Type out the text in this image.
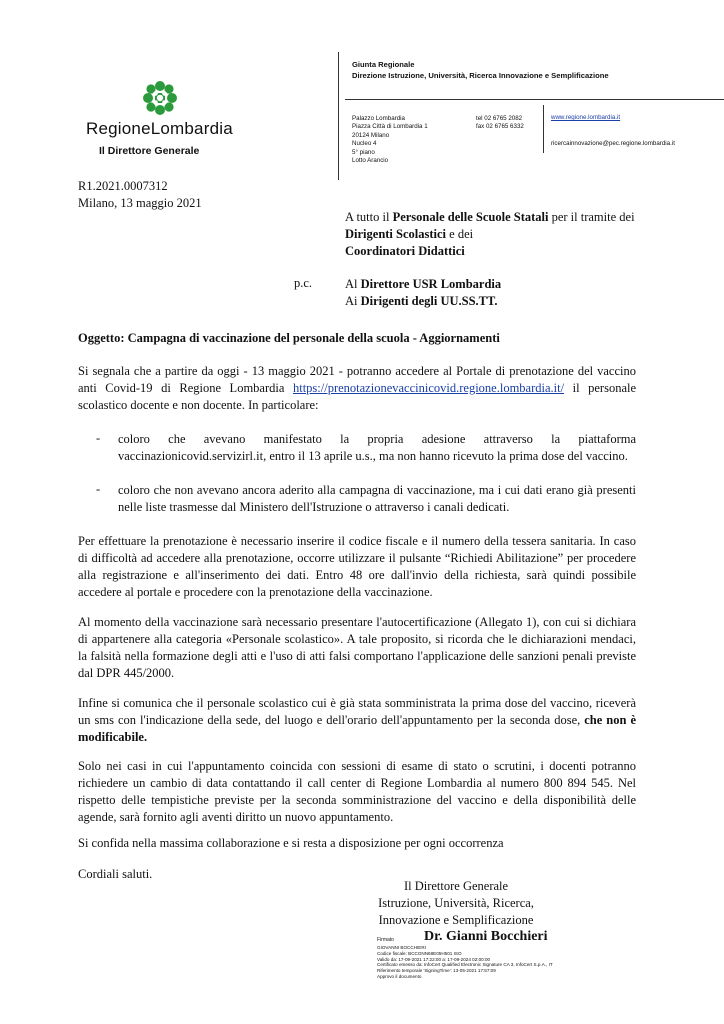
RegioneLombardia
Il Direttore Generale
Giunta Regionale
Direzione Istruzione, Università, Ricerca Innovazione e Semplificazione
Palazzo Lombardia
Piazza Città di Lombardia 1
20124 Milano
Nucleo 4
5° piano
Lotto Arancio
tel 02 6765 2082
fax 02 6765 6332
www.regione.lombardia.it
ricercainnovazione@pec.regione.lombardia.it
R1.2021.0007312
Milano, 13 maggio 2021
A tutto il Personale delle Scuole Statali per il tramite dei Dirigenti Scolastici e dei
Coordinatori Didattici
p.c.	Al Direttore USR Lombardia
Ai Dirigenti degli UU.SS.TT.
Oggetto: Campagna di vaccinazione del personale della scuola - Aggiornamenti
Si segnala che a partire da oggi - 13 maggio 2021 - potranno accedere al Portale di prenotazione del vaccino anti Covid-19 di Regione Lombardia https://prenotazionevaccinicovid.regione.lombardia.it/ il personale scolastico docente e non docente. In particolare:
- coloro che avevano manifestato la propria adesione attraverso la piattaforma vaccinazionicovid.servizirl.it, entro il 13 aprile u.s., ma non hanno ricevuto la prima dose del vaccino.
- coloro che non avevano ancora aderito alla campagna di vaccinazione, ma i cui dati erano già presenti nelle liste trasmesse dal Ministero dell'Istruzione o attraverso i canali dedicati.
Per effettuare la prenotazione è necessario inserire il codice fiscale e il numero della tessera sanitaria. In caso di difficoltà ad accedere alla prenotazione, occorre utilizzare il pulsante “Richiedi Abilitazione” per procedere alla registrazione e all'inserimento dei dati. Entro 48 ore dall'invio della richiesta, sarà quindi possibile accedere al portale e procedere con la prenotazione della vaccinazione.
Al momento della vaccinazione sarà necessario presentare l'autocertificazione (Allegato 1), con cui si dichiara di appartenere alla categoria «Personale scolastico». A tale proposito, si ricorda che le dichiarazioni mendaci, la falsità nella formazione degli atti e l'uso di atti falsi comportano l'applicazione delle sanzioni penali previste dal DPR 445/2000.
Infine si comunica che il personale scolastico cui è già stata somministrata la prima dose del vaccino, riceverà un sms con l'indicazione della sede, del luogo e dell'orario dell'appuntamento per la seconda dose, che non è modificabile.
Solo nei casi in cui l'appuntamento coincida con sessioni di esame di stato o scrutini, i docenti potranno richiedere un cambio di data contattando il call center di Regione Lombardia al numero 800 894 545. Nel rispetto delle tempistiche previste per la seconda somministrazione del vaccino e della disponibilità delle agende, sarà fornito agli aventi diritto un nuovo appuntamento.
Si confida nella massima collaborazione e si resta a disposizione per ogni occorrenza
Cordiali saluti.
Il Direttore Generale
Istruzione, Università, Ricerca,
Innovazione e Semplificazione
Firmato Dr. Gianni Bocchieri
GIOVANNI BOCCHIERI
Codice fiscale: BCCGNN68E05H501 ISO
Valido da: 17-09-2021 17:22:00 a: 17-09-2024 02:00:00
Certificato emesso da: InfoCert Qualified Electronic Signature CA 3, InfoCert S.p.A., IT
Riferimento temporale 'SigningTime': 13-05-2021 17:57:09
Approvo il documento
